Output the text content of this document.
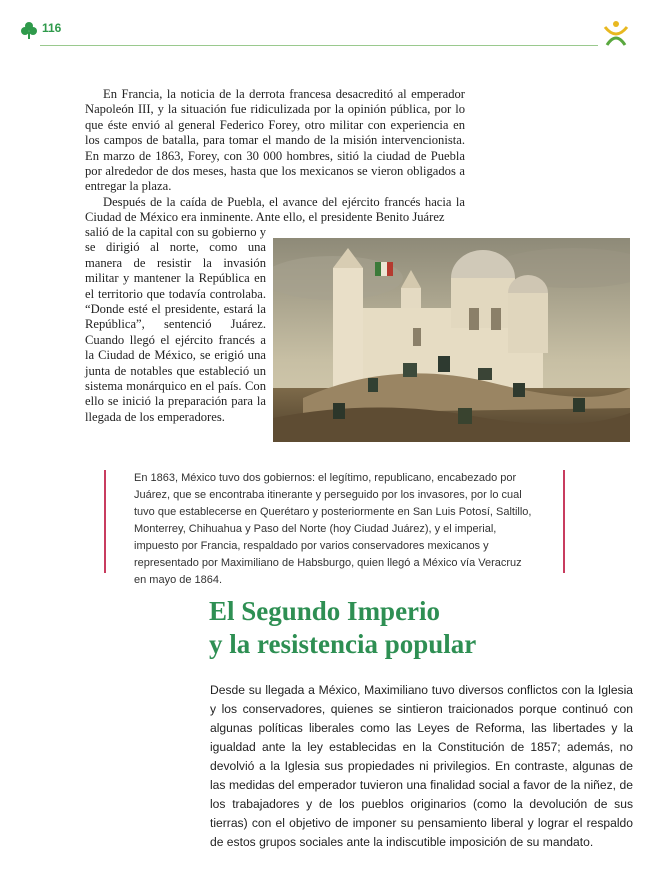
116

En Francia, la noticia de la derrota francesa desacreditó al emperador Napoleón III, y la situación fue ridiculizada por la opinión pública, por lo que éste envió al general Federico Forey, otro militar con experiencia en los campos de batalla, para tomar el mando de la misión intervencionista. En marzo de 1863, Forey, con 30 000 hombres, sitió la ciudad de Puebla por alrededor de dos meses, hasta que los mexicanos se vieron obligados a entregar la plaza.

Después de la caída de Puebla, el avance del ejército francés hacia la Ciudad de México era inminente. Ante ello, el presidente Benito Juárez

salió de la capital con su gobierno y se dirigió al norte, como una manera de resistir la invasión militar y mantener la República en el territorio que todavía controlaba. “Donde esté el presidente, estará la República”, sentenció Juárez. Cuando llegó el ejército francés a la Ciudad de México, se erigió una junta de notables que estableció un sistema monárquico en el país. Con ello se inició la preparación para la llegada de los emperadores.

En 1863, México tuvo dos gobiernos: el legítimo, republicano, encabezado por Juárez, que se encontraba itinerante y perseguido por los invasores, por lo cual tuvo que establecerse en Querétaro y posteriormente en San Luis Potosí, Saltillo, Monterrey, Chihuahua y Paso del Norte (hoy Ciudad Juárez), y el imperial, impuesto por Francia, respaldado por varios conservadores mexicanos y representado por Maximiliano de Habsburgo, quien llegó a México vía Veracruz en mayo de 1864.

El Segundo Imperio
y la resistencia popular

Desde su llegada a México, Maximiliano tuvo diversos conflictos con la Iglesia y los conservadores, quienes se sintieron traicionados porque continuó con algunas políticas liberales como las Leyes de Reforma, las libertades y la igualdad ante la ley establecidas en la Constitución de 1857; además, no devolvió a la Iglesia sus propiedades ni privilegios. En contraste, algunas de las medidas del emperador tuvieron una finalidad social a favor de la niñez, de los trabajadores y de los pueblos originarios (como la devolución de sus tierras) con el objetivo de imponer su pensamiento liberal y lograr el respaldo de estos grupos sociales ante la indiscutible imposición de su mandato.
